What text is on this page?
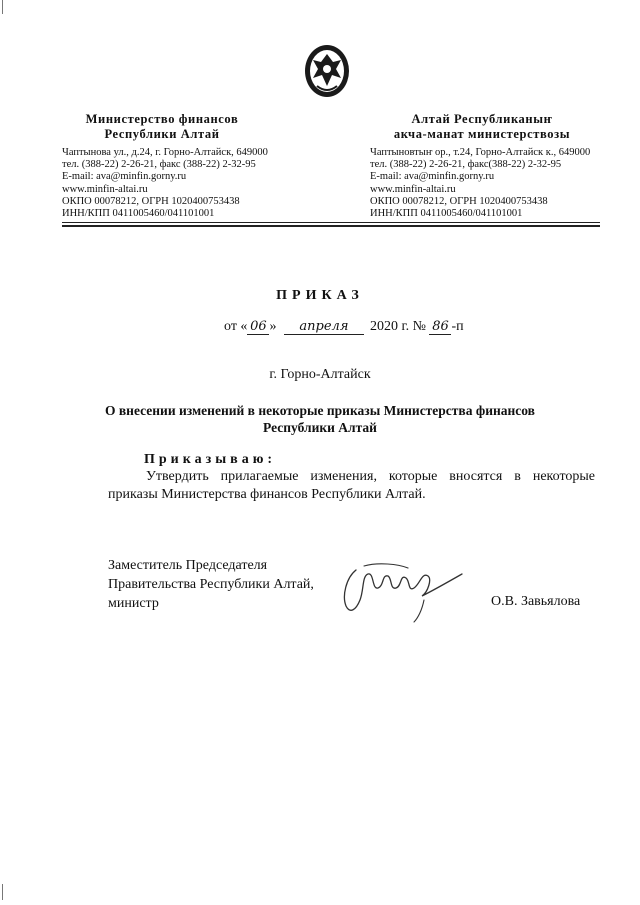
Министерство финансов
Республики Алтай
Чаптынова ул., д.24, г. Горно-Алтайск, 649000
тел. (388-22) 2-26-21, факс (388-22) 2-32-95
E-mail: ava@minfin.gorny.ru
www.minfin-altai.ru
ОКПО 00078212, ОГРН 1020400753438
ИНН/КПП 0411005460/041101001
Алтай Республиканыҥ
акча-манат министерствозы
Чаптыновтыҥ ор., т.24, Горно-Алтайск к., 649000
тел. (388-22) 2-26-21, факс(388-22) 2-32-95
E-mail: ava@minfin.gorny.ru
www.minfin-altai.ru
ОКПО 00078212, ОГРН 1020400753438
ИНН/КПП 0411005460/041101001
ПРИКАЗ
от « 06 » апреля 2020 г. № 86 -п
г. Горно-Алтайск
О внесении изменений в некоторые приказы Министерства финансов
Республики Алтай
Приказываю:
Утвердить прилагаемые изменения, которые вносятся в некоторые приказы Министерства финансов Республики Алтай.
Заместитель Председателя
Правительства Республики Алтай,
министр	О.В. Завьялова
